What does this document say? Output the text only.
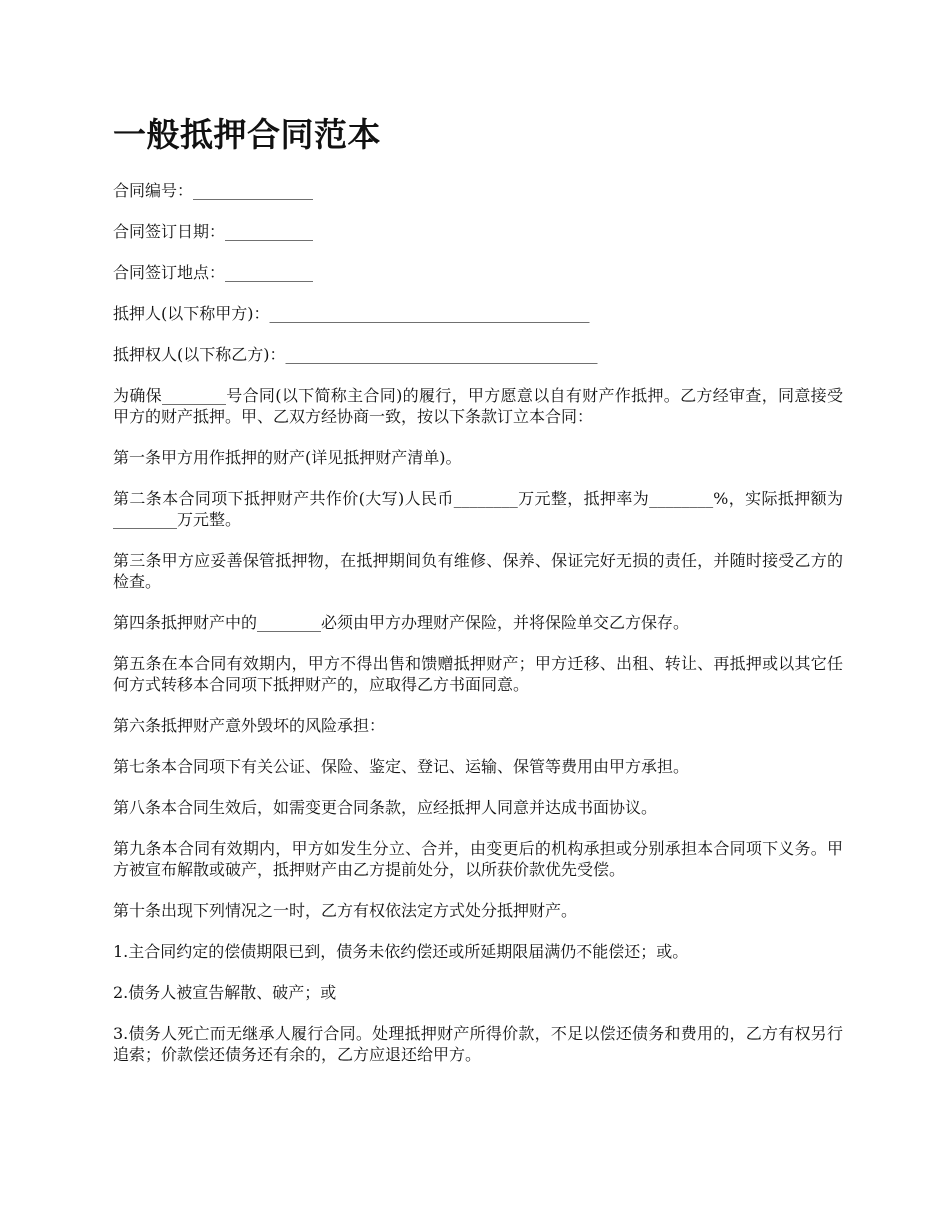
一般抵押合同范本
合同编号：_______________
合同签订日期：___________
合同签订地点：___________
抵押人(以下称甲方)：________________________________________
抵押权人(以下称乙方)：_______________________________________

为确保________号合同(以下简称主合同)的履行，甲方愿意以自有财产作抵押。乙方经审查，同意接受甲方的财产抵押。甲、乙双方经协商一致，按以下条款订立本合同：

第一条甲方用作抵押的财产(详见抵押财产清单)。

第二条本合同项下抵押财产共作价(大写)人民币________万元整，抵押率为________%，实际抵押额为________万元整。

第三条甲方应妥善保管抵押物，在抵押期间负有维修、保养、保证完好无损的责任，并随时接受乙方的检查。

第四条抵押财产中的________必须由甲方办理财产保险，并将保险单交乙方保存。

第五条在本合同有效期内，甲方不得出售和馈赠抵押财产；甲方迁移、出租、转让、再抵押或以其它任何方式转移本合同项下抵押财产的，应取得乙方书面同意。

第六条抵押财产意外毁坏的风险承担：

第七条本合同项下有关公证、保险、鉴定、登记、运输、保管等费用由甲方承担。

第八条本合同生效后，如需变更合同条款，应经抵押人同意并达成书面协议。

第九条本合同有效期内，甲方如发生分立、合并，由变更后的机构承担或分别承担本合同项下义务。甲方被宣布解散或破产，抵押财产由乙方提前处分，以所获价款优先受偿。

第十条出现下列情况之一时，乙方有权依法定方式处分抵押财产。

1.主合同约定的偿债期限已到，债务未依约偿还或所延期限届满仍不能偿还；或。

2.债务人被宣告解散、破产；或

3.债务人死亡而无继承人履行合同。处理抵押财产所得价款，不足以偿还债务和费用的，乙方有权另行追索；价款偿还债务还有余的，乙方应退还给甲方。
